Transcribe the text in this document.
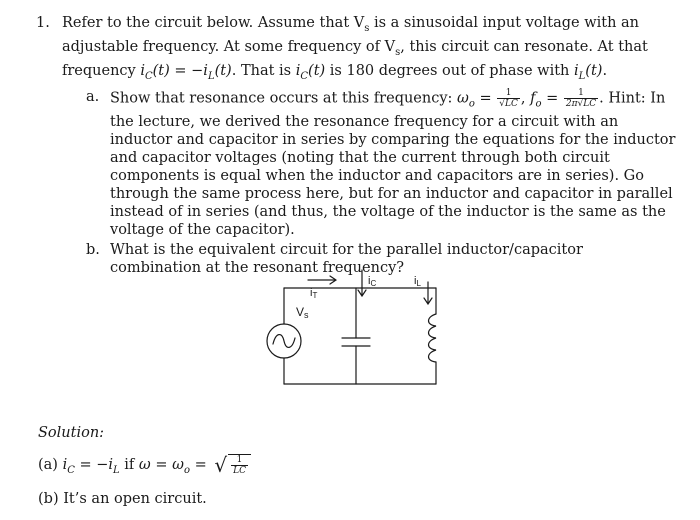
1. Refer to the circuit below. Assume that $V_s$ is a sinusoidal input voltage with an adjustable frequency. At some frequency of $V_s$, this circuit can resonate. At that frequency $i_C(t) = -i_L(t)$. That is $i_C(t)$ is 180 degrees out of phase with $i_L(t)$.
a. Show that resonance occurs at this frequency: $\omega_o = \frac{1}{√LC}$ , $f_o = \frac{1}{2\pi√LC}$ . Hint: In the lecture, we derived the resonance frequency for a circuit with an inductor and capacitor in series by comparing the equations for the inductor and capacitor voltages (noting that the current through both circuit components is equal when the inductor and capacitors are in series). Go through the same process here, but for an inductor and capacitor in parallel instead of in series (and thus, the voltage of the inductor is the same as the voltage of the capacitor).
b. What is the equivalent circuit for the parallel inductor/capacitor combination at the resonant frequency?
iT
iC	iL
Vs
Solution:
(a) $i_C = -i_L$ if $\omega = \omega_o$ = √ $\frac{1}{LC}$
(b) It’s an open circuit.
